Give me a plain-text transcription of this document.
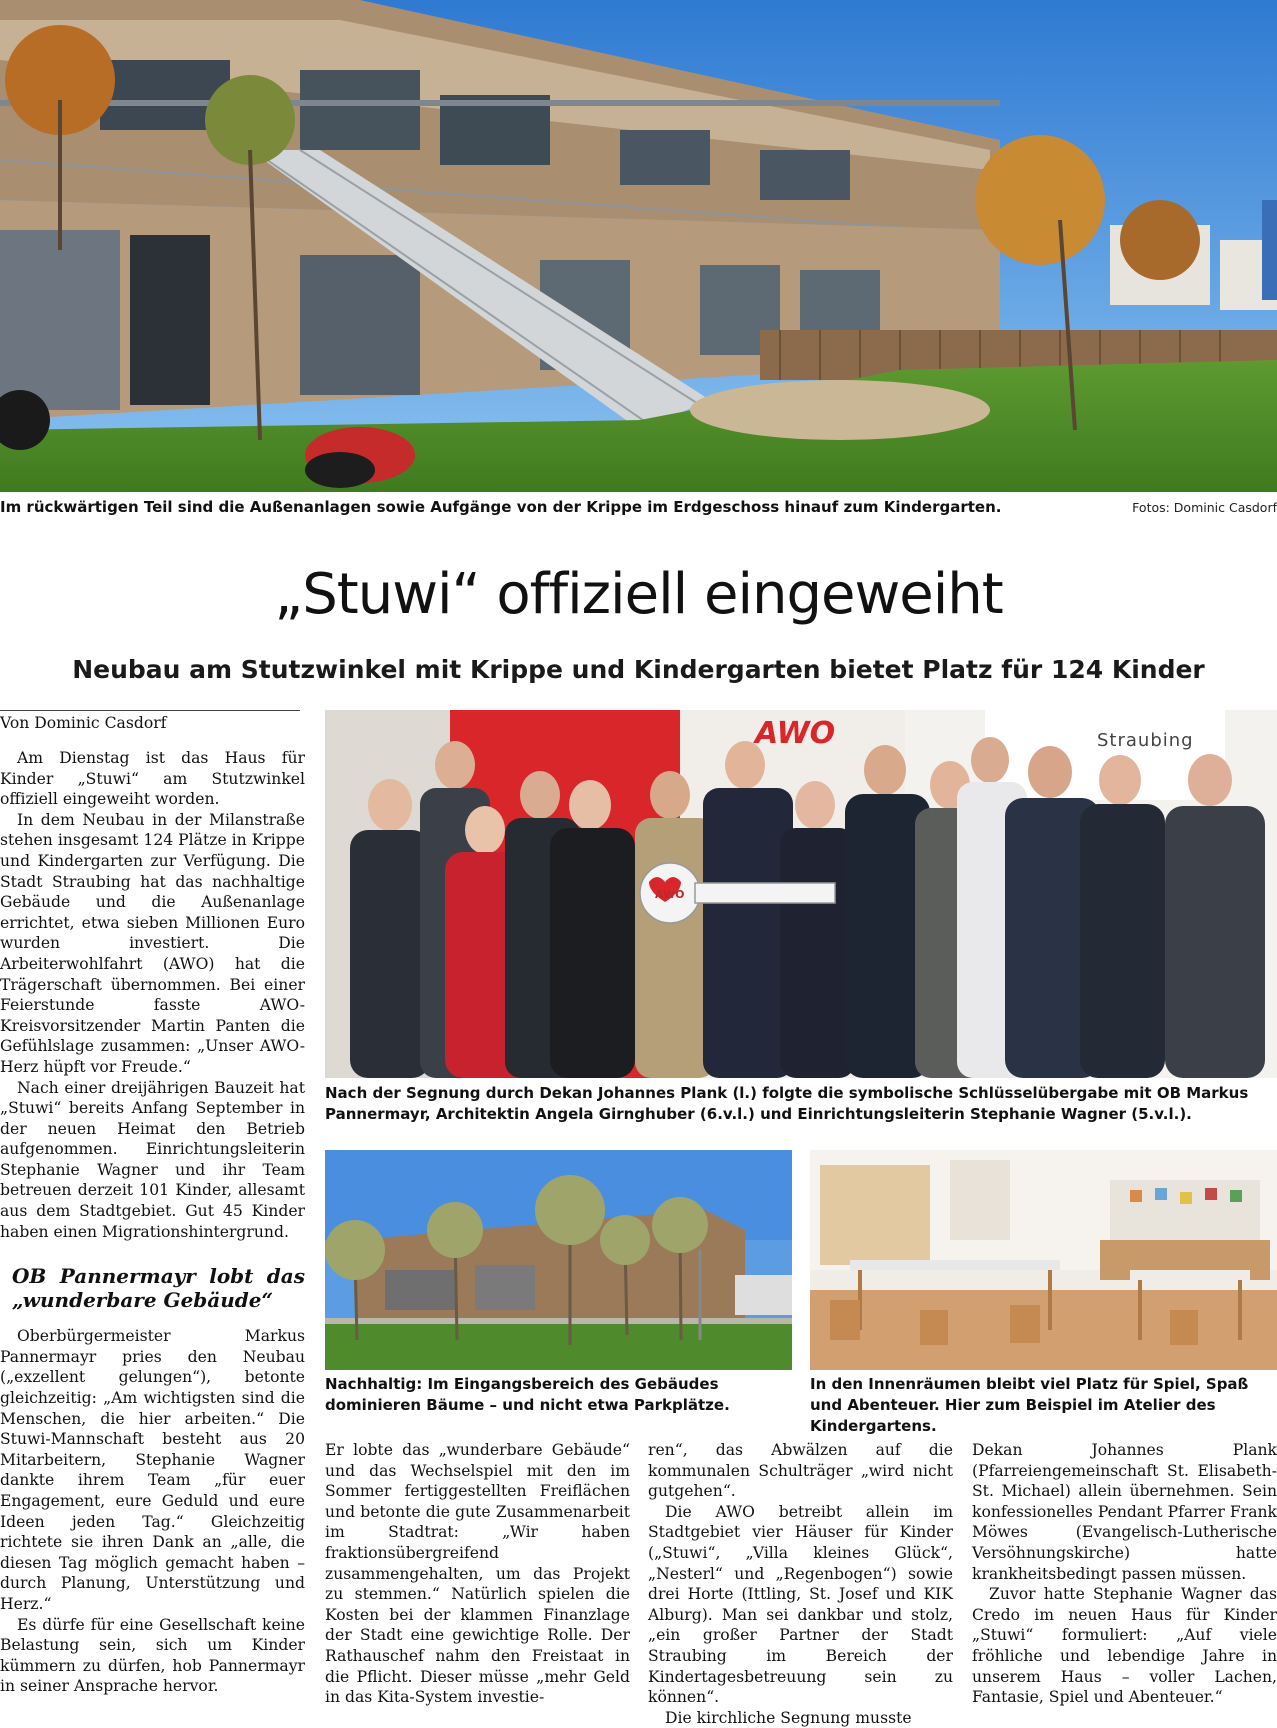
Im rückwärtigen Teil sind die Außenanlagen sowie Aufgänge von der Krippe im Erdgeschoss hinauf zum Kindergarten.	Fotos: Dominic Casdorf
„Stuwi“ offiziell eingeweiht
Neubau am Stutzwinkel mit Krippe und Kindergarten bietet Platz für 124 Kinder
Von Dominic Casdorf

Am Dienstag ist das Haus für Kinder „Stuwi“ am Stutzwinkel offiziell eingeweiht worden.

In dem Neubau in der Milanstraße stehen insgesamt 124 Plätze in Krippe und Kindergarten zur Verfügung. Die Stadt Straubing hat das nachhaltige Gebäude und die Außenanlage errichtet, etwa sieben Millionen Euro wurden investiert. Die Arbeiterwohlfahrt (AWO) hat die Trägerschaft übernommen. Bei einer Feierstunde fasste AWO-Kreisvorsitzender Martin Panten die Gefühlslage zusammen: „Unser AWO-Herz hüpft vor Freude.“

Nach einer dreijährigen Bauzeit hat „Stuwi“ bereits Anfang September in der neuen Heimat den Betrieb aufgenommen. Einrichtungsleiterin Stephanie Wagner und ihr Team betreuen derzeit 101 Kinder, allesamt aus dem Stadtgebiet. Gut 45 Kinder haben einen Migrationshintergrund.

OB Pannermayr lobt das „wunderbare Gebäude“

Oberbürgermeister Markus Pannermayr pries den Neubau („exzellent gelungen“), betonte gleichzeitig: „Am wichtigsten sind die Menschen, die hier arbeiten.“ Die Stuwi-Mannschaft besteht aus 20 Mitarbeitern, Stephanie Wagner dankte ihrem Team „für euer Engagement, eure Geduld und eure Ideen jeden Tag.“ Gleichzeitig richtete sie ihren Dank an „alle, die diesen Tag möglich gemacht haben – durch Planung, Unterstützung und Herz.“

Es dürfe für eine Gesellschaft keine Belastung sein, sich um Kinder kümmern zu dürfen, hob Pannermayr in seiner Ansprache hervor.

AWO	Straubing
AWO
Nach der Segnung durch Dekan Johannes Plank (l.) folgte die symbolische Schlüsselübergabe mit OB Markus Pannermayr, Architektin Angela Girnghuber (6.v.l.) und Einrichtungsleiterin Stephanie Wagner (5.v.l.).
Nachhaltig: Im Eingangsbereich des Gebäudes dominieren Bäume – und nicht etwa Parkplätze.
In den Innenräumen bleibt viel Platz für Spiel, Spaß und Abenteuer. Hier zum Beispiel im Atelier des Kindergartens.

Er lobte das „wunderbare Gebäude“ und das Wechselspiel mit den im Sommer fertiggestellten Freiflächen und betonte die gute Zusammenarbeit im Stadtrat: „Wir haben fraktionsübergreifend zusammengehalten, um das Projekt zu stemmen.“ Natürlich spielen die Kosten bei der klammen Finanzlage der Stadt eine gewichtige Rolle. Der Rathauschef nahm den Freistaat in die Pflicht. Dieser müsse „mehr Geld in das Kita-System investie-

ren“, das Abwälzen auf die kommunalen Schulträger „wird nicht gutgehen“.

Die AWO betreibt allein im Stadtgebiet vier Häuser für Kinder („Stuwi“, „Villa kleines Glück“, „Nesterl“ und „Regenbogen“) sowie drei Horte (Ittling, St. Josef und KIK Alburg). Man sei dankbar und stolz, „ein großer Partner der Stadt Straubing im Bereich der Kindertagesbetreuung sein zu können“.

Die kirchliche Segnung musste

Dekan Johannes Plank (Pfarreiengemeinschaft St. Elisabeth-St. Michael) allein übernehmen. Sein konfessionelles Pendant Pfarrer Frank Möwes (Evangelisch-Lutherische Versöhnungskirche) hatte krankheitsbedingt passen müssen.

Zuvor hatte Stephanie Wagner das Credo im neuen Haus für Kinder „Stuwi“ formuliert: „Auf viele fröhliche und lebendige Jahre in unserem Haus – voller Lachen, Fantasie, Spiel und Abenteuer.“
